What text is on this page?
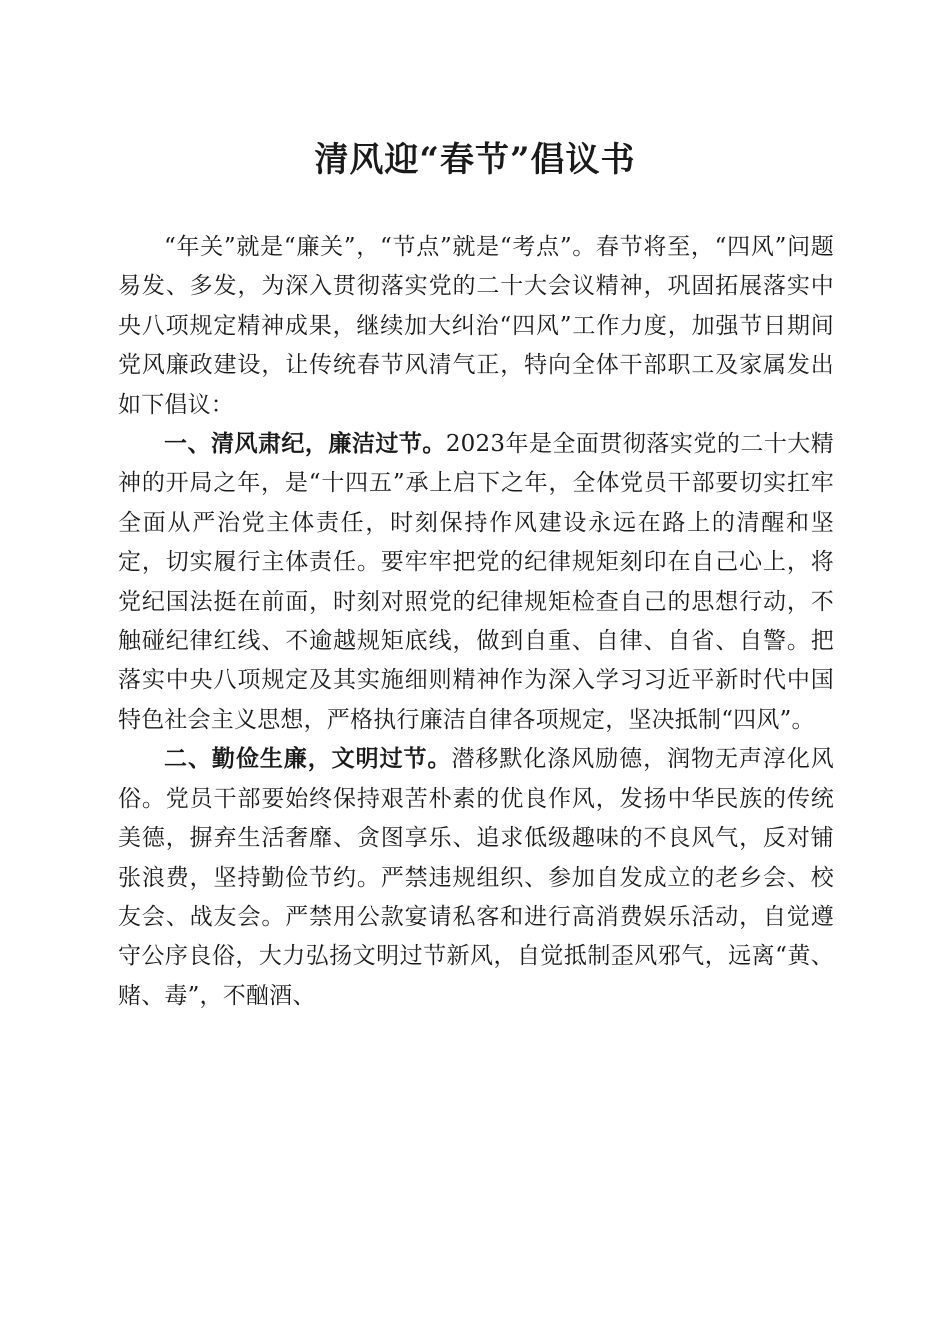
清风迎“春节”倡议书

“年关”就是“廉关”，“节点”就是“考点”。春节将至，“四风”问题易发、多发，为深入贯彻落实党的二十大会议精神，巩固拓展落实中央八项规定精神成果，继续加大纠治“四风”工作力度，加强节日期间党风廉政建设，让传统春节风清气正，特向全体干部职工及家属发出如下倡议：

一、清风肃纪，廉洁过节。2023年是全面贯彻落实党的二十大精神的开局之年，是“十四五”承上启下之年，全体党员干部要切实扛牢全面从严治党主体责任，时刻保持作风建设永远在路上的清醒和坚定，切实履行主体责任。要牢牢把党的纪律规矩刻印在自己心上，将党纪国法挺在前面，时刻对照党的纪律规矩检查自己的思想行动，不触碰纪律红线、不逾越规矩底线，做到自重、自律、自省、自警。把落实中央八项规定及其实施细则精神作为深入学习习近平新时代中国特色社会主义思想，严格执行廉洁自律各项规定，坚决抵制“四风”。

二、勤俭生廉，文明过节。潜移默化涤风励德，润物无声淳化风俗。党员干部要始终保持艰苦朴素的优良作风，发扬中华民族的传统美德，摒弃生活奢靡、贪图享乐、追求低级趣味的不良风气，反对铺张浪费，坚持勤俭节约。严禁违规组织、参加自发成立的老乡会、校友会、战友会。严禁用公款宴请私客和进行高消费娱乐活动，自觉遵守公序良俗，大力弘扬文明过节新风，自觉抵制歪风邪气，远离“黄、赌、毒”，不酗酒、
